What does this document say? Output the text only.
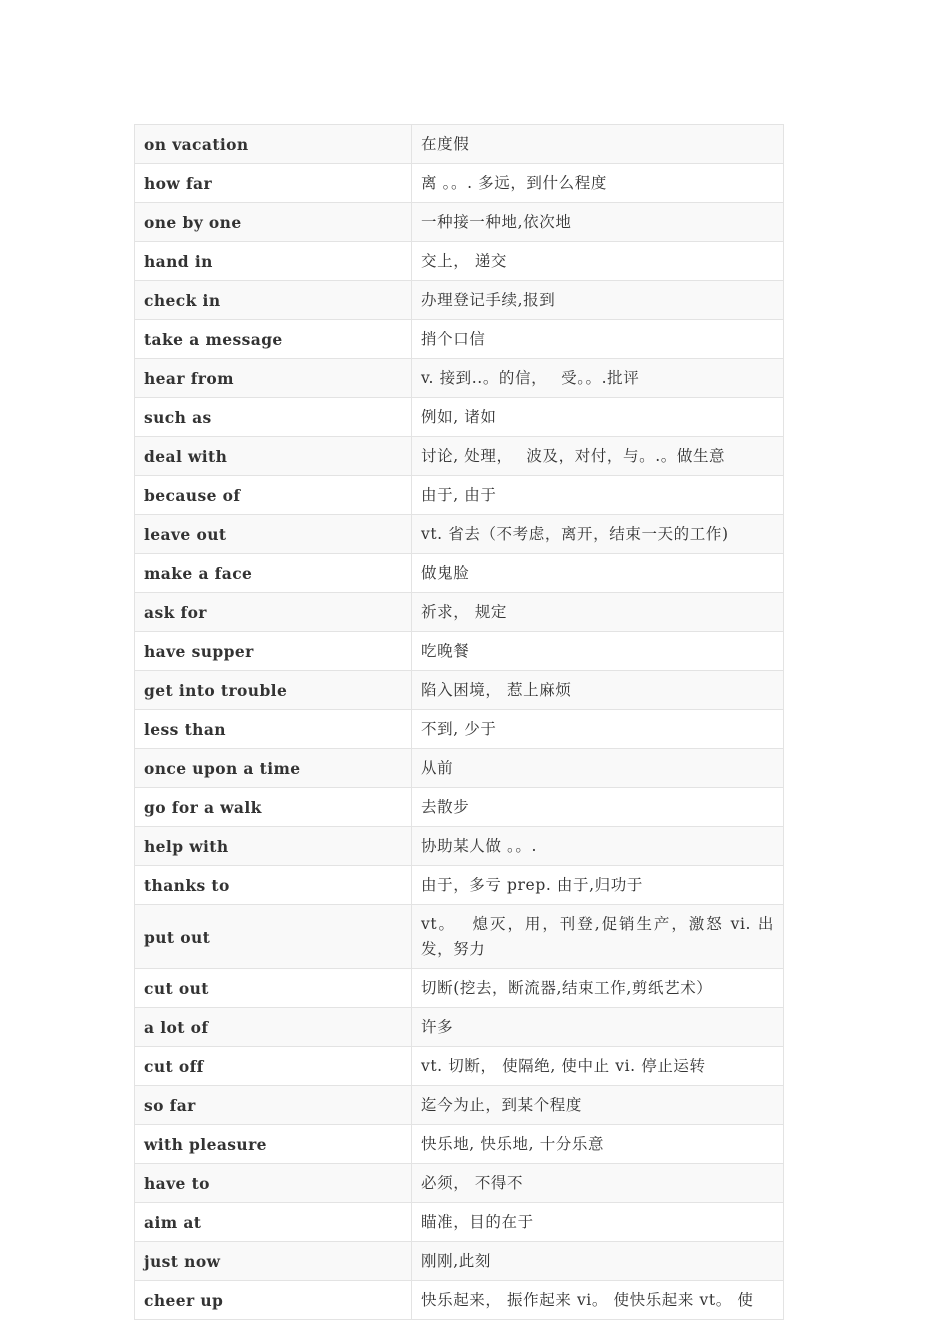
on vacation	在度假
how far	离 。。. 多远，到什么程度
one by one	一种接一种地,依次地
hand in	交上， 递交
check in	办理登记手续,报到
take a message	捎个口信
hear from	v. 接到..。的信，　 受。。.批评
such as	例如, 诸如
deal with	讨论, 处理，　 波及，对付，与。.。做生意
because of	由于, 由于
leave out	vt. 省去（不考虑，离开，结束一天的工作)
make a face	做鬼脸
ask for	祈求， 规定
have supper	吃晚餐
get into trouble	陷入困境， 惹上麻烦
less than	不到, 少于
once upon a time	从前
go for a walk	去散步
help with	协助某人做 。。.
thanks to	由于，多亏 prep. 由于,归功于
put out	vt。　 熄灭，用，刊登,促销生产，激怒 vi. 出发，努力
cut out	切断(挖去，断流器,结束工作,剪纸艺术）
a lot of	许多
cut off	vt. 切断， 使隔绝, 使中止 vi. 停止运转
so far	迄今为止，到某个程度
with pleasure	快乐地, 快乐地, 十分乐意
have to	必须， 不得不
aim at	瞄准，目的在于
just now	刚刚,此刻
cheer up	快乐起来， 振作起来 vi。 使快乐起来 vt。 使
